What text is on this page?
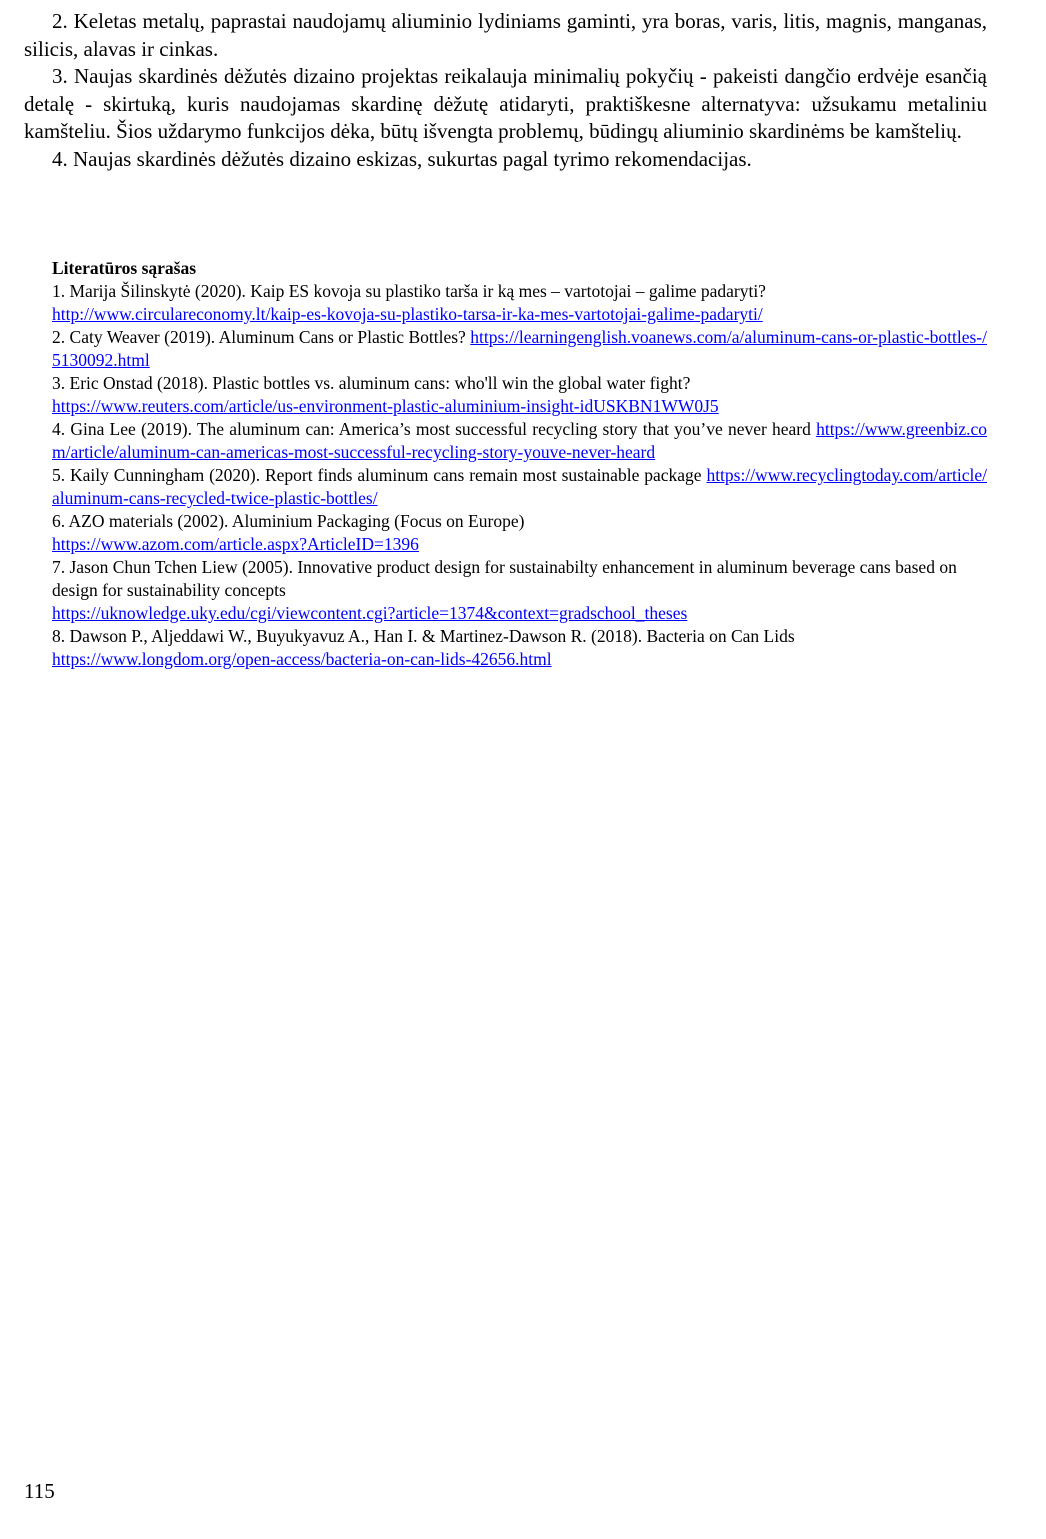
2. Keletas metalų, paprastai naudojamų aliuminio lydiniams gaminti, yra boras, varis, litis, magnis, manganas, silicis, alavas ir cinkas.

3. Naujas skardinės dėžutės dizaino projektas reikalauja minimalių pokyčių - pakeisti dangčio erdvėje esančią detalę - skirtuką, kuris naudojamas skardinę dėžutę atidaryti, praktiškesne alternatyva: užsukamu metaliniu kamšteliu. Šios uždarymo funkcijos dėka, būtų išvengta problemų, būdingų aliuminio skardinėms be kamštelių.

4. Naujas skardinės dėžutės dizaino eskizas, sukurtas pagal tyrimo rekomendacijas.

Literatūros sąrašas

1. Marija Šilinskytė (2020). Kaip ES kovoja su plastiko tarša ir ką mes – vartotojai – galime padaryti?
http://www.circulareconomy.lt/kaip-es-kovoja-su-plastiko-tarsa-ir-ka-mes-vartotojai-galime-padaryti/

2. Caty Weaver (2019). Aluminum Cans or Plastic Bottles? https://learningenglish.voanews.com/a/aluminum-cans-or-plastic-bottles-/5130092.html

3. Eric Onstad (2018). Plastic bottles vs. aluminum cans: who'll win the global water fight?
https://www.reuters.com/article/us-environment-plastic-aluminium-insight-idUSKBN1WW0J5

4. Gina Lee (2019). The aluminum can: America’s most successful recycling story that you’ve never heard https://www.greenbiz.com/article/aluminum-can-americas-most-successful-recycling-story-youve-never-heard

5. Kaily Cunningham (2020). Report finds aluminum cans remain most sustainable package https://www.recyclingtoday.com/article/aluminum-cans-recycled-twice-plastic-bottles/

6. AZO materials (2002). Aluminium Packaging (Focus on Europe)
https://www.azom.com/article.aspx?ArticleID=1396

7. Jason Chun Tchen Liew (2005). Innovative product design for sustainabilty enhancement in aluminum beverage cans based on design for sustainability concepts
https://uknowledge.uky.edu/cgi/viewcontent.cgi?article=1374&context=gradschool_theses

8. Dawson P., Aljeddawi W., Buyukyavuz A., Han I. & Martinez-Dawson R. (2018). Bacteria on Can Lids
https://www.longdom.org/open-access/bacteria-on-can-lids-42656.html

115
